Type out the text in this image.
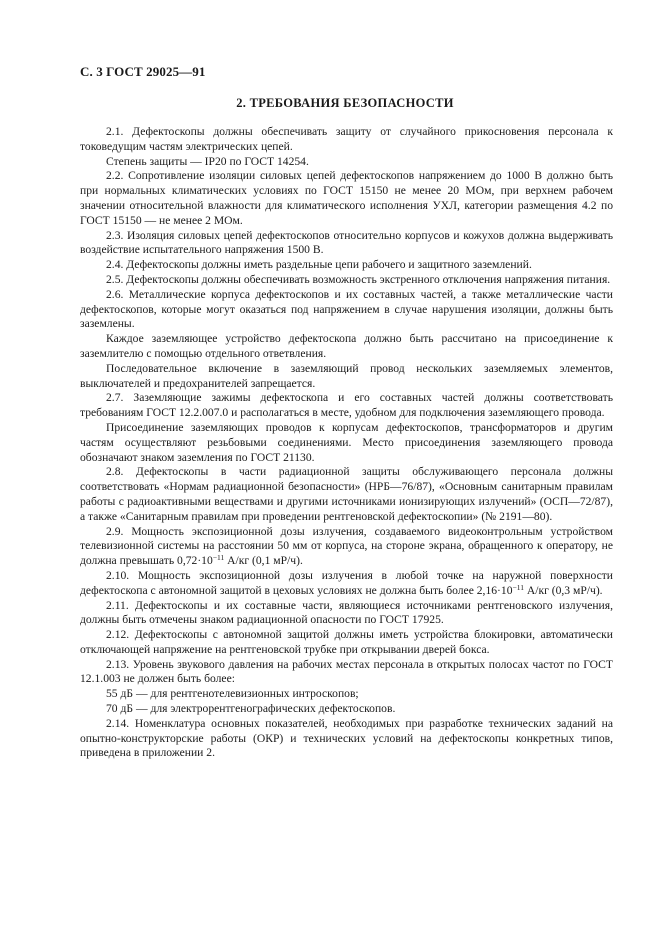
С. 3 ГОСТ 29025—91
2. ТРЕБОВАНИЯ БЕЗОПАСНОСТИ

2.1. Дефектоскопы должны обеспечивать защиту от случайного прикосновения персонала к токоведущим частям электрических цепей.

Степень защиты — IP20 по ГОСТ 14254.

2.2. Сопротивление изоляции силовых цепей дефектоскопов напряжением до 1000 В должно быть при нормальных климатических условиях по ГОСТ 15150 не менее 20 МОм, при верхнем рабочем значении относительной влажности для климатического исполнения УХЛ, категории размещения 4.2 по ГОСТ 15150 — не менее 2 МОм.

2.3. Изоляция силовых цепей дефектоскопов относительно корпусов и кожухов должна выдерживать воздействие испытательного напряжения 1500 В.

2.4. Дефектоскопы должны иметь раздельные цепи рабочего и защитного заземлений.

2.5. Дефектоскопы должны обеспечивать возможность экстренного отключения напряжения питания.

2.6. Металлические корпуса дефектоскопов и их составных частей, а также металлические части дефектоскопов, которые могут оказаться под напряжением в случае нарушения изоляции, должны быть заземлены.

Каждое заземляющее устройство дефектоскопа должно быть рассчитано на присоединение к заземлителю с помощью отдельного ответвления.

Последовательное включение в заземляющий провод нескольких заземляемых элементов, выключателей и предохранителей запрещается.

2.7. Заземляющие зажимы дефектоскопа и его составных частей должны соответствовать требованиям ГОСТ 12.2.007.0 и располагаться в месте, удобном для подключения заземляющего провода.

Присоединение заземляющих проводов к корпусам дефектоскопов, трансформаторов и другим частям осуществляют резьбовыми соединениями. Место присоединения заземляющего провода обозначают знаком заземления по ГОСТ 21130.

2.8. Дефектоскопы в части радиационной защиты обслуживающего персонала должны соответствовать «Нормам радиационной безопасности» (НРБ—76/87), «Основным санитарным правилам работы с радиоактивными веществами и другими источниками ионизирующих излучений» (ОСП—72/87), а также «Санитарным правилам при проведении рентгеновской дефектоскопии» (№ 2191—80).

2.9. Мощность экспозиционной дозы излучения, создаваемого видеоконтрольным устройством телевизионной системы на расстоянии 50 мм от корпуса, на стороне экрана, обращенного к оператору, не должна превышать $0,72\cdot 10^{-11}$ А/кг (0,1 мР/ч).

2.10. Мощность экспозиционной дозы излучения в любой точке на наружной поверхности дефектоскопа с автономной защитой в цеховых условиях не должна быть более $2,16\cdot 10^{-11}$ А/кг (0,3 мР/ч).

2.11. Дефектоскопы и их составные части, являющиеся источниками рентгеновского излучения, должны быть отмечены знаком радиационной опасности по ГОСТ 17925.

2.12. Дефектоскопы с автономной защитой должны иметь устройства блокировки, автоматически отключающей напряжение на рентгеновской трубке при открывании дверей бокса.

2.13. Уровень звукового давления на рабочих местах персонала в открытых полосах частот по ГОСТ 12.1.003 не должен быть более:

55 дБ — для рентгенотелевизионных интроскопов;

70 дБ — для электрорентгенографических дефектоскопов.

2.14. Номенклатура основных показателей, необходимых при разработке технических заданий на опытно-конструкторские работы (ОКР) и технических условий на дефектоскопы конкретных типов, приведена в приложении 2.
